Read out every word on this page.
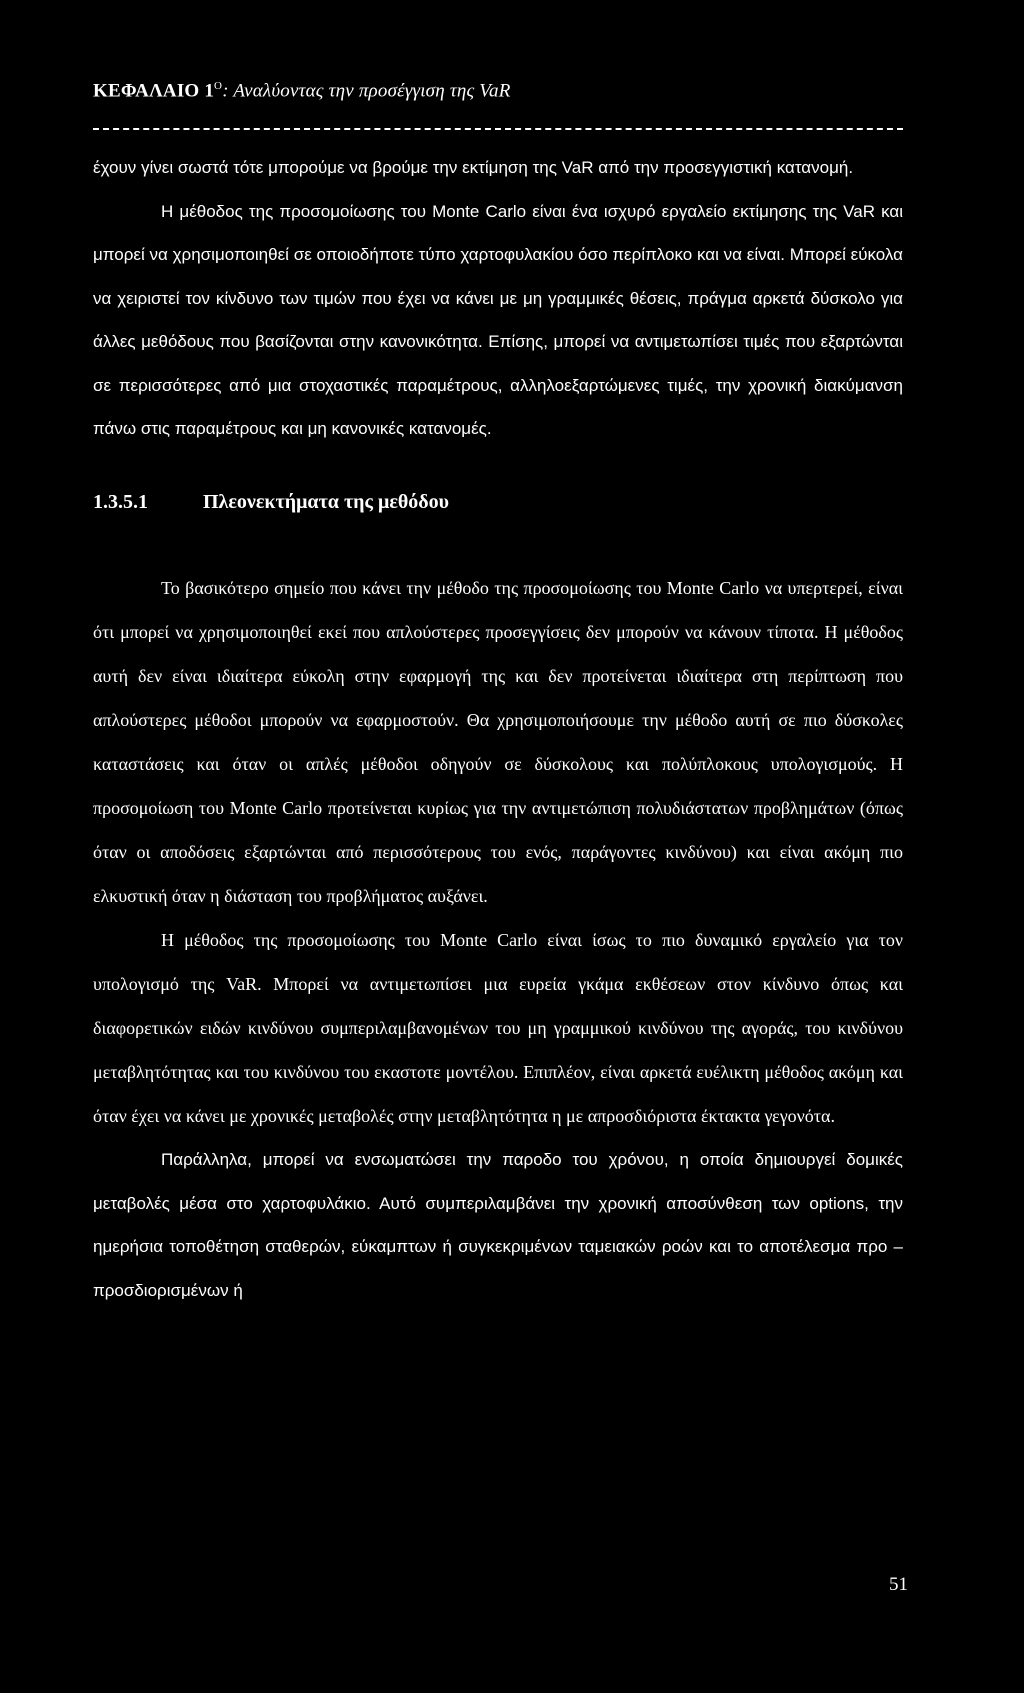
ΚΕΦΑΛΑΙΟ $1^O$: Αναλύοντας την προσέγγιση της VaR

έχουν γίνει σωστά τότε μπορούμε να βρούμε την εκτίμηση της VaR από την προσεγγιστική κατανομή.

Η μέθοδος της προσομοίωσης του Monte Carlo είναι ένα ισχυρό εργαλείο εκτίμησης της VaR και μπορεί να χρησιμοποιηθεί σε οποιοδήποτε τύπο χαρτοφυλακίου όσο περίπλοκο και να είναι. Μπορεί εύκολα να χειριστεί τον κίνδυνο των τιμών που έχει να κάνει με μη γραμμικές θέσεις, πράγμα αρκετά δύσκολο για άλλες μεθόδους που βασίζονται στην κανονικότητα. Επίσης, μπορεί να αντιμετωπίσει τιμές που εξαρτώνται σε περισσότερες από μια στοχαστικές παραμέτρους, αλληλοεξαρτώμενες τιμές, την χρονική διακύμανση πάνω στις παραμέτρους και μη κανονικές κατανομές.

1.3.5.1	Πλεονεκτήματα της μεθόδου

Το βασικότερο σημείο που κάνει την μέθοδο της προσομοίωσης του Monte Carlo να υπερτερεί, είναι ότι μπορεί να χρησιμοποιηθεί εκεί που απλούστερες προσεγγίσεις δεν μπορούν να κάνουν τίποτα. Η μέθοδος αυτή δεν είναι ιδιαίτερα εύκολη στην εφαρμογή της και δεν προτείνεται ιδιαίτερα στη περίπτωση που απλούστερες μέθοδοι μπορούν να εφαρμοστούν. Θα χρησιμοποιήσουμε την μέθοδο αυτή σε πιο δύσκολες καταστάσεις και όταν οι απλές μέθοδοι οδηγούν σε δύσκολους και πολύπλοκους υπολογισμούς. Η προσομοίωση του Monte Carlo προτείνεται κυρίως για την αντιμετώπιση πολυδιάστατων προβλημάτων (όπως όταν οι αποδόσεις εξαρτώνται από περισσότερους του ενός, παράγοντες κινδύνου) και είναι ακόμη πιο ελκυστική όταν η διάσταση του προβλήματος αυξάνει.

Η μέθοδος της προσομοίωσης του Monte Carlo είναι ίσως το πιο δυναμικό εργαλείο για τον υπολογισμό της VaR. Μπορεί να αντιμετωπίσει μια ευρεία γκάμα εκθέσεων στον κίνδυνο όπως και διαφορετικών ειδών κινδύνου συμπεριλαμβανομένων του μη γραμμικού κινδύνου της αγοράς, του κινδύνου μεταβλητότητας και του κινδύνου του εκαστοτε μοντέλου. Επιπλέον, είναι αρκετά ευέλικτη μέθοδος ακόμη και όταν έχει να κάνει με χρονικές μεταβολές στην μεταβλητότητα η με απροσδιόριστα έκτακτα γεγονότα.

Παράλληλα, μπορεί να ενσωματώσει την παροδο του χρόνου, η οποία δημιουργεί δομικές μεταβολές μέσα στο χαρτοφυλάκιο. Αυτό συμπεριλαμβάνει την χρονική αποσύνθεση των options, την ημερήσια τοποθέτηση σταθερών, εύκαμπτων ή συγκεκριμένων ταμειακών ροών και το αποτέλεσμα προ – προσδιορισμένων ή

51
